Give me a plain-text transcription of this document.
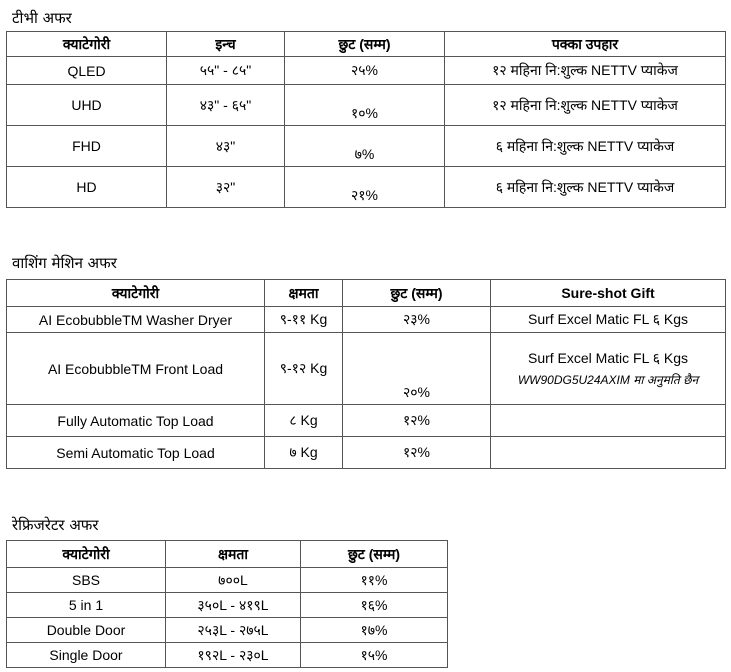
टीभी अफर
क्याटेगोरी	इन्च	छुट (सम्म)	पक्का उपहार
QLED	५५" - ८५"	२५%	१२ महिना नि:शुल्क NETTV प्याकेज
UHD	४३" - ६५"	१०%	१२ महिना नि:शुल्क NETTV प्याकेज
FHD	४३"	७%	६ महिना नि:शुल्क NETTV प्याकेज
HD	३२"	२१%	६ महिना नि:शुल्क NETTV प्याकेज
वाशिंग मेशिन अफर
क्याटेगोरी	क्षमता	छुट (सम्म)	Sure-shot Gift
AI EcobubbleTM Washer Dryer	९-११ Kg	२३%	Surf Excel Matic FL ६ Kgs
AI EcobubbleTM Front Load	९-१२ Kg	२०%	Surf Excel Matic FL ६ Kgs
WW90DG5U24AXIM मा अनुमति छैन

Fully Automatic Top Load	८ Kg	१२%	
Semi Automatic Top Load	७ Kg	१२%	
रेफ्रिजरेटर अफर
क्याटेगोरी	क्षमता	छुट (सम्म)
SBS	७००L	११%
5 in 1	३५०L - ४१९L	१६%
Double Door	२५३L - २७५L	१७%
Single Door	१९२L - २३०L	१५%
